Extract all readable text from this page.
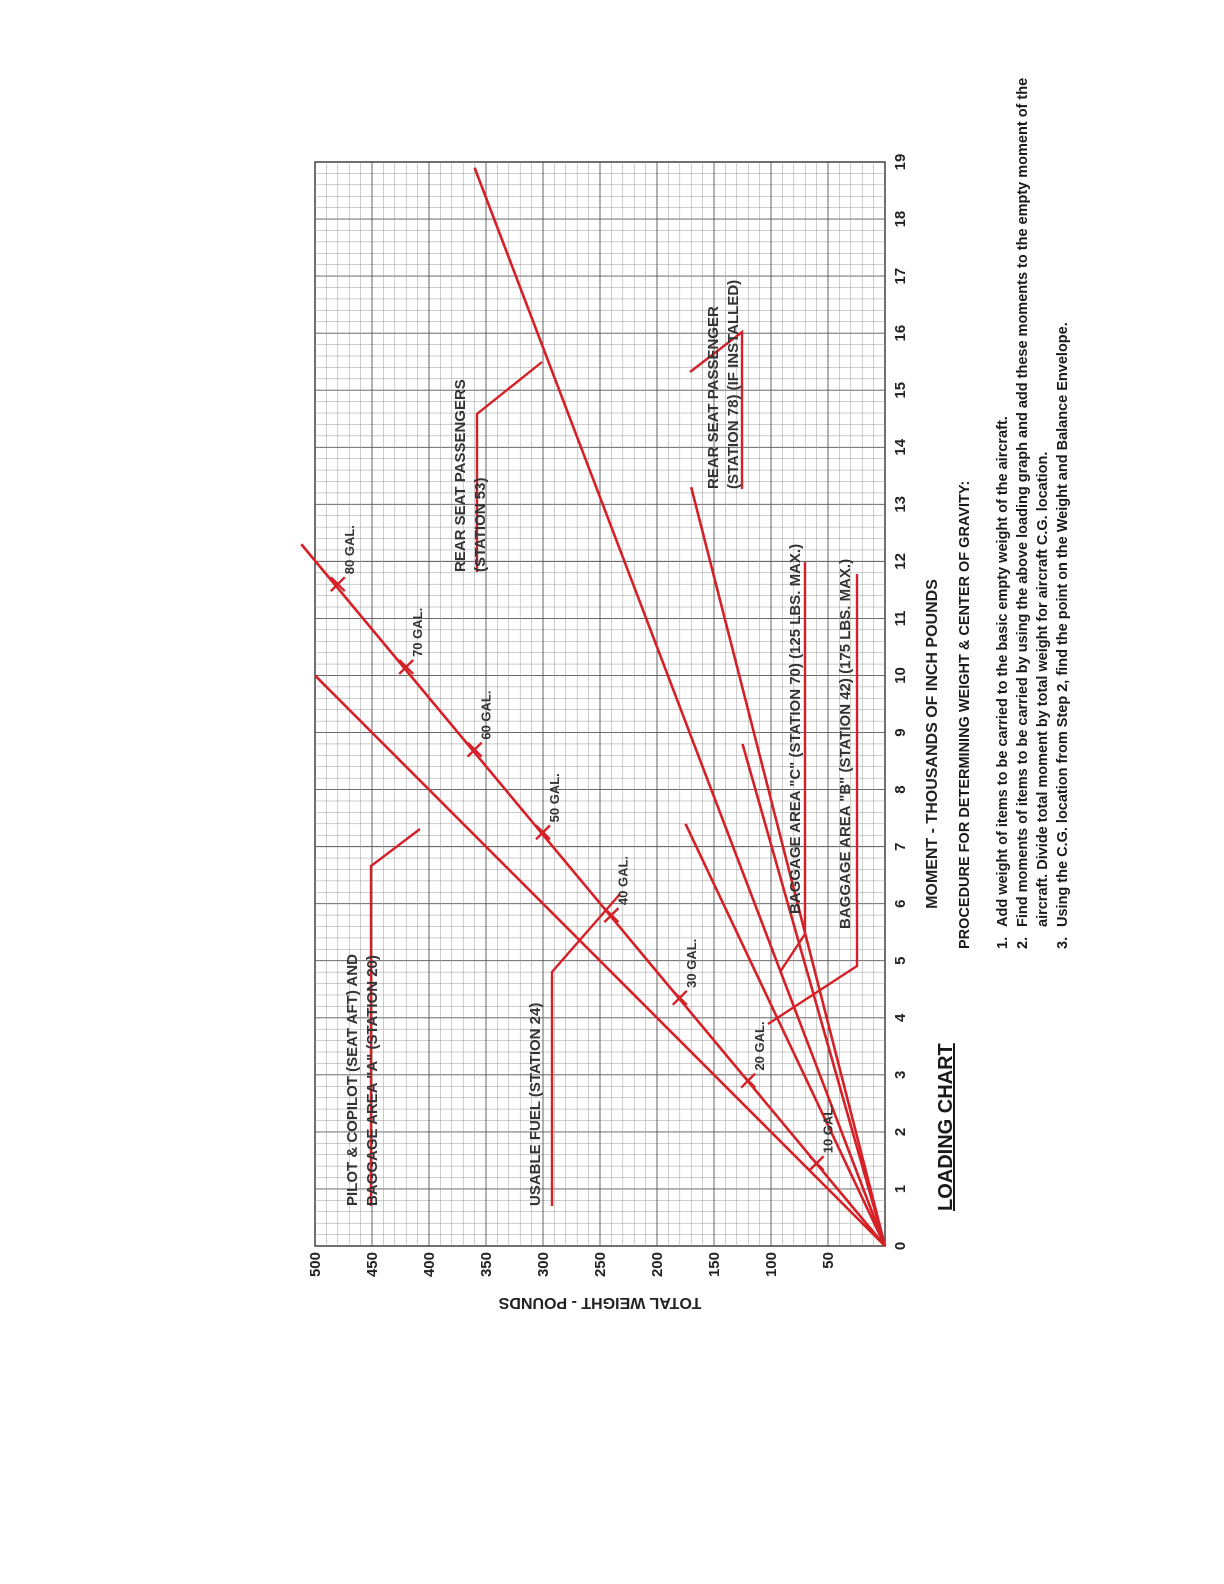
10 GAL.
20 GAL.
30 GAL.
40 GAL.
50 GAL.
60 GAL.
70 GAL.
80 GAL.
PILOT & COPILOT (SEAT AFT) AND BAGGAGE AREA "A" (STATION 20)	USABLE FUEL (STATION 24)
REAR SEAT PASSENGERS (STATION 53)
REAR SEAT PASSENGER (STATION 78) (IF INSTALLED)
BAGGAGE AREA "C" (STATION 70) (125 LBS. MAX.) BAGGAGE AREA "B" (STATION 42) (175 LBS. MAX.)
0
1
2
3
4
5
6
7
8
9
10
11
12
13
14
15
16
17
18
19
50
100
150
200
250
300
350
400
450
500
MOMENT - THOUSANDS OF INCH POUNDS
TOTAL WEIGHT - POUNDS
LOADING CHART
PROCEDURE FOR DETERMINING WEIGHT & CENTER OF GRAVITY: 1.
Add weight of items to be carried to the basic empty weight of the aircraft.
2.
Find moments of items to be carried by using the above loading graph and add these moments to the empty moment of the aircraft. Divide total moment by total weight for aircraft C.G. location.
3.
Using the C.G. location from Step 2, find the point on the Weight and Balance Envelope.
